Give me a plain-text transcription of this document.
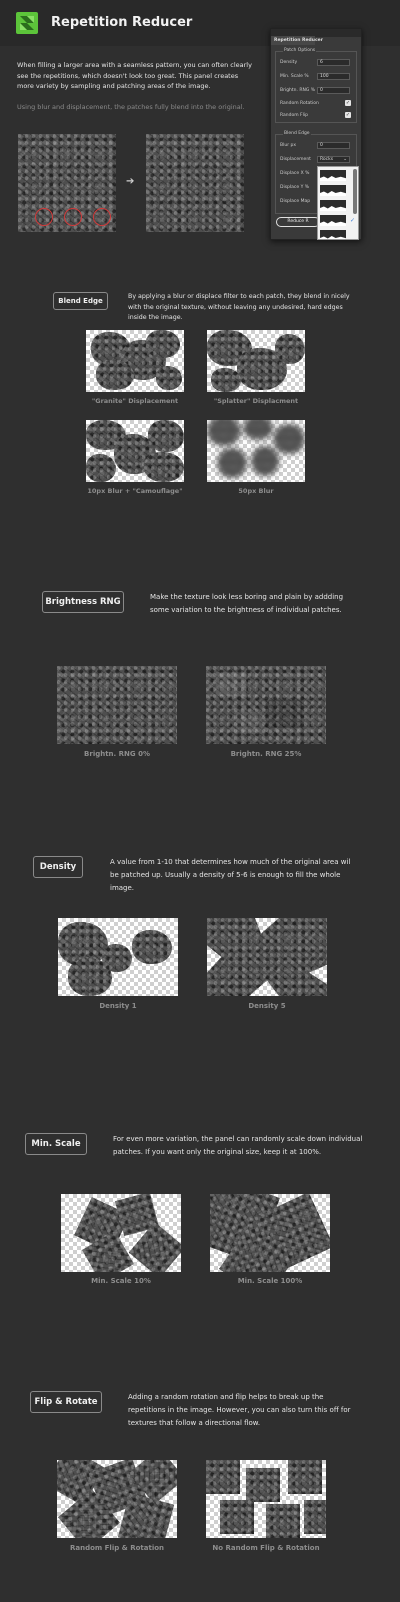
Repetition Reducer
When filling a larger area with a seamless pattern, you can often clearly see the repetitions, which doesn't look too great. This panel creates more variety by sampling and patching areas of the image.
Using blur and displacement, the patches fully blend into the original.
➔
Repetition Reducer
Patch Options
Density	6
Min. Scale %	100
Brightn. RNG %	0
Random Rotation	✓
Random Flip	✓
Blend Edge
Blur px	0
Displacement	Rocks ⌄
Displace X %
Displace Y %
Displace Map
Reduce R	✓
Blend Edge
By applying a blur or displace filter to each patch, they blend in nicely with the original texture, without leaving any undesired, hard edges inside the image.
"Granite" Displacement	"Splatter" Displacment
10px Blur + "Camouflage"	50px Blur
Brightness RNG	Make the texture look less boring and plain by addding some variation to the brightness of individual patches.
Brightn. RNG 0%	Brightn. RNG 25%
Density	A value from 1-10 that determines how much of the original area wil be patched up. Usually a density of 5-6 is enough to fill the whole image.
Density 1	Density 5
Min. Scale	For even more variation, the panel can randomly scale down individual patches. If you want only the original size, keep it at 100%.
Min. Scale 10%	Min. Scale 100%
Flip & Rotate	Adding a random rotation and flip helps to break up the repetitions in the image. However, you can also turn this off for textures that follow a directional flow.
Random Flip & Rotation	No Random Flip & Rotation
